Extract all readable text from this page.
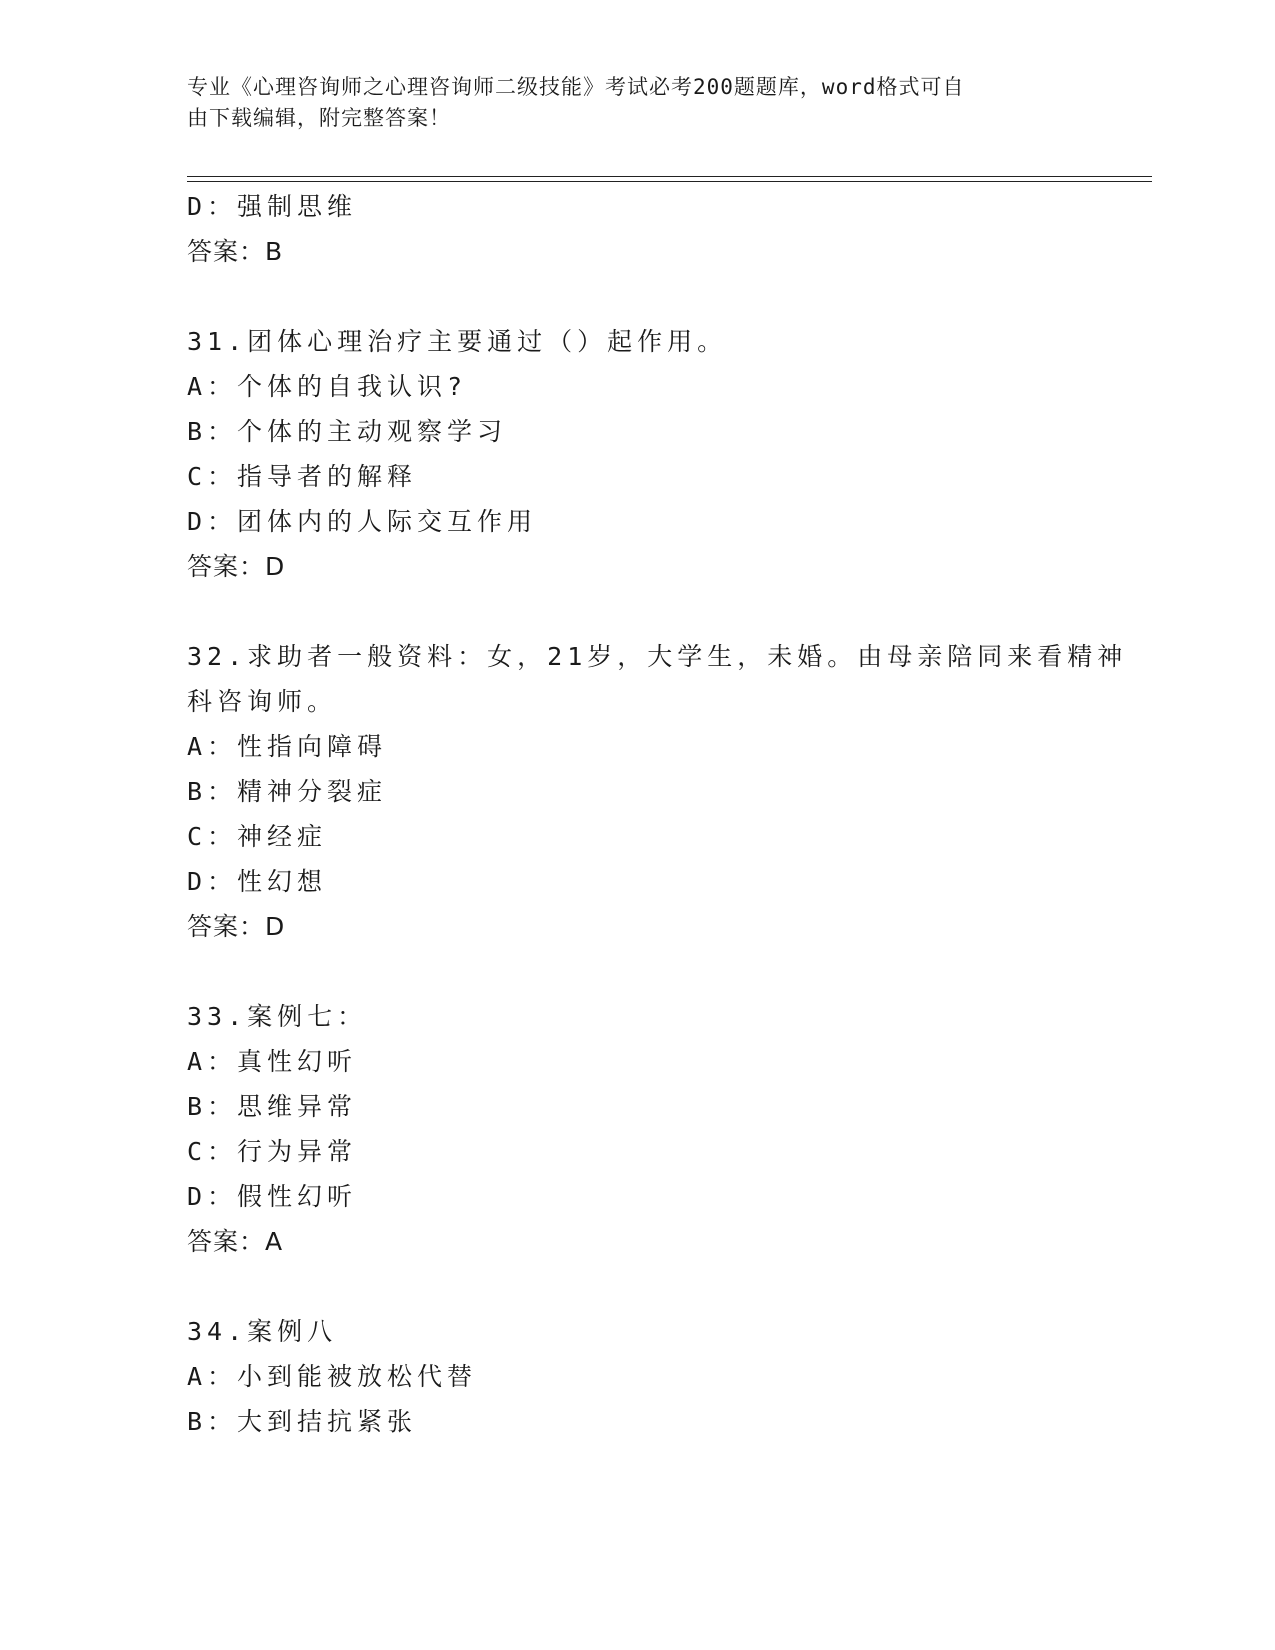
专业《心理咨询师之心理咨询师二级技能》考试必考200题题库，word格式可自
由下载编辑，附完整答案！
D：强制思维
答案：B
31.团体心理治疗主要通过（）起作用。
A：个体的自我认识?
B：个体的主动观察学习
C：指导者的解释
D：团体内的人际交互作用
答案：D
32.求助者一般资料：女，21岁，大学生，未婚。由母亲陪同来看精神
科咨询师。
A：性指向障碍
B：精神分裂症
C：神经症
D：性幻想
答案：D
33.案例七：
A：真性幻听
B：思维异常
C：行为异常
D：假性幻听
答案：A
34.案例八
A：小到能被放松代替
B：大到拮抗紧张
